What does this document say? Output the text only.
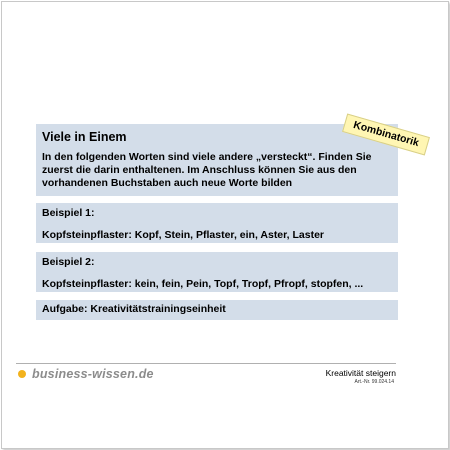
Viele in Einem
In den folgenden Worten sind viele andere „versteckt“. Finden Sie zuerst die darin enthaltenen. Im Anschluss können Sie aus den vorhandenen Buchstaben auch neue Worte bilden
Kombinatorik
Beispiel 1:
Kopfsteinpflaster: Kopf, Stein, Pflaster, ein, Aster, Laster
Beispiel 2:
Kopfsteinpflaster: kein, fein, Pein, Topf, Tropf, Pfropf, stopfen, ...
Aufgabe: Kreativitätstrainingseinheit
business-wissen.de	Kreativität steigern
Art.-Nr. 99.024.14
